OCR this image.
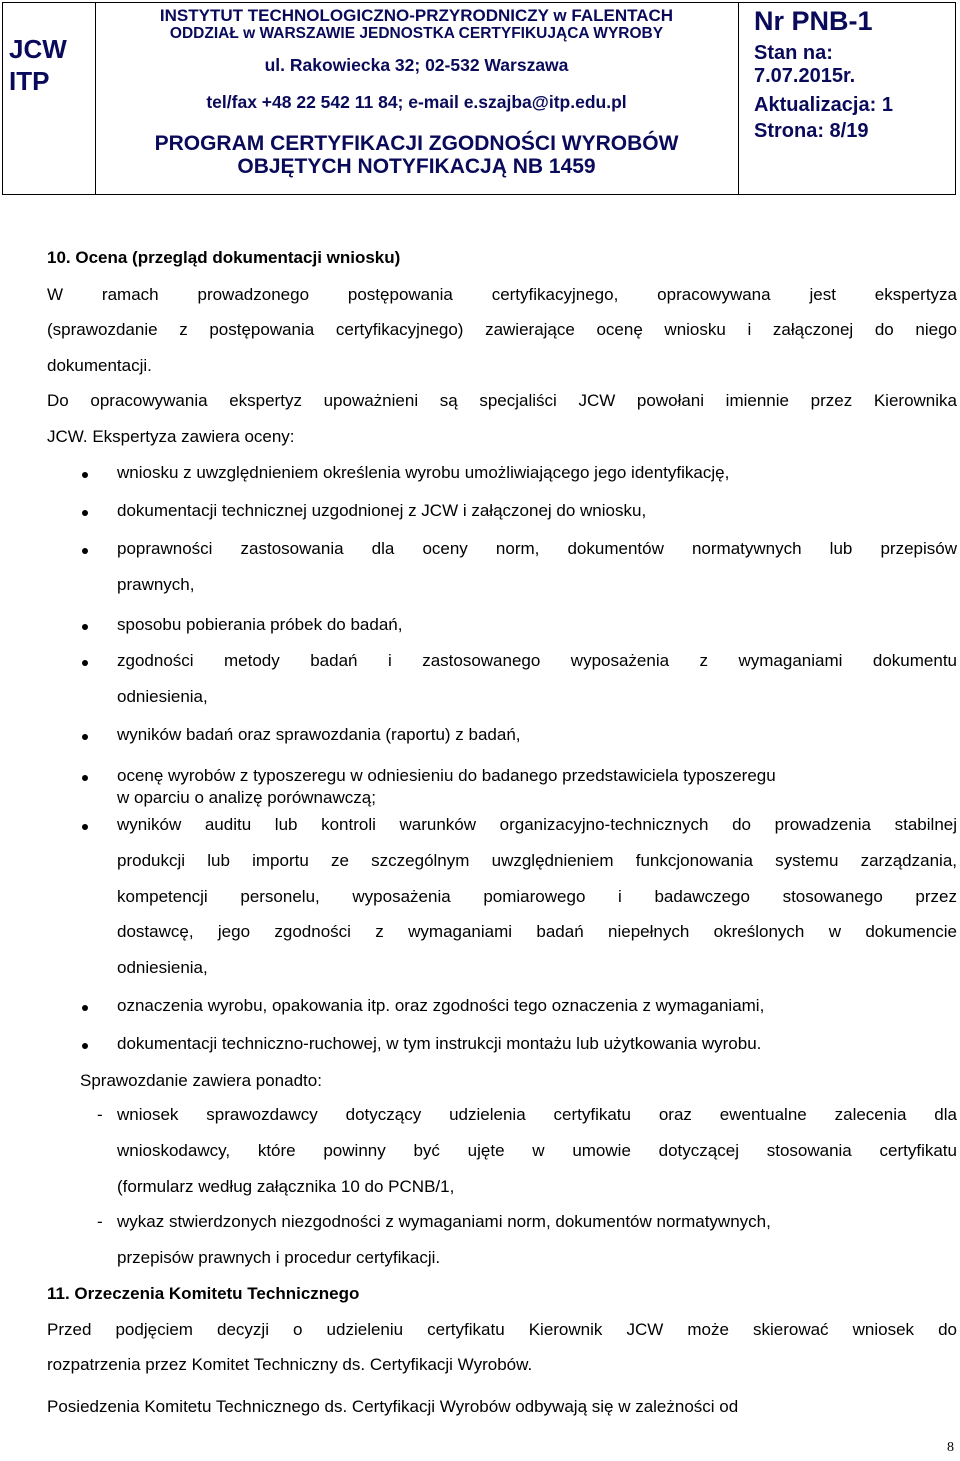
JCW
ITP
INSTYTUT TECHNOLOGICZNO-PRZYRODNICZY w FALENTACH
ODDZIAŁ w WARSZAWIE JEDNOSTKA CERTYFIKUJĄCA WYROBY
ul. Rakowiecka 32; 02-532 Warszawa
tel/fax +48 22 542 11 84; e-mail e.szajba@itp.edu.pl
PROGRAM CERTYFIKACJI ZGODNOŚCI WYROBÓW
OBJĘTYCH NOTYFIKACJĄ NB 1459
Nr PNB-1
Stan na:
7.07.2015r.
Aktualizacja: 1
Strona: 8/19
10. Ocena (przegląd dokumentacji wniosku)
W ramach prowadzonego postępowania certyfikacyjnego, opracowywana jest ekspertyza
(sprawozdanie z postępowania certyfikacyjnego) zawierające ocenę wniosku i załączonej do niego
dokumentacji.
Do opracowywania ekspertyz upoważnieni są specjaliści JCW powołani imiennie przez Kierownika
JCW. Ekspertyza zawiera oceny:
wniosku z uwzględnieniem określenia wyrobu umożliwiającego jego identyfikację,
dokumentacji technicznej uzgodnionej z JCW i załączonej do wniosku,
poprawności zastosowania dla oceny norm, dokumentów normatywnych lub przepisów
prawnych,
sposobu pobierania próbek do badań,
zgodności metody badań i zastosowanego wyposażenia z wymaganiami dokumentu
odniesienia,
wyników badań oraz sprawozdania (raportu) z badań,
ocenę wyrobów z typoszeregu w odniesieniu do badanego przedstawiciela typoszeregu
w oparciu o analizę porównawczą;
wyników auditu lub kontroli warunków organizacyjno-technicznych do prowadzenia stabilnej
produkcji lub importu ze szczególnym uwzględnieniem funkcjonowania systemu zarządzania,
kompetencji personelu, wyposażenia pomiarowego i badawczego stosowanego przez
dostawcę, jego zgodności z wymaganiami badań niepełnych określonych w dokumencie
odniesienia,
oznaczenia wyrobu, opakowania itp. oraz zgodności tego oznaczenia z wymaganiami,
dokumentacji techniczno-ruchowej, w tym instrukcji montażu lub użytkowania wyrobu.
Sprawozdanie zawiera ponadto:
- wniosek sprawozdawcy dotyczący udzielenia certyfikatu oraz ewentualne zalecenia dla
wnioskodawcy, które powinny być ujęte w umowie dotyczącej stosowania certyfikatu
(formularz według załącznika 10 do PCNB/1,
- wykaz stwierdzonych niezgodności z wymaganiami norm, dokumentów normatywnych,
przepisów prawnych i procedur certyfikacji.
11. Orzeczenia Komitetu Technicznego
Przed podjęciem decyzji o udzieleniu certyfikatu Kierownik JCW może skierować wniosek do
rozpatrzenia przez Komitet Techniczny ds. Certyfikacji Wyrobów.
Posiedzenia Komitetu Technicznego ds. Certyfikacji Wyrobów odbywają się w zależności od
8
